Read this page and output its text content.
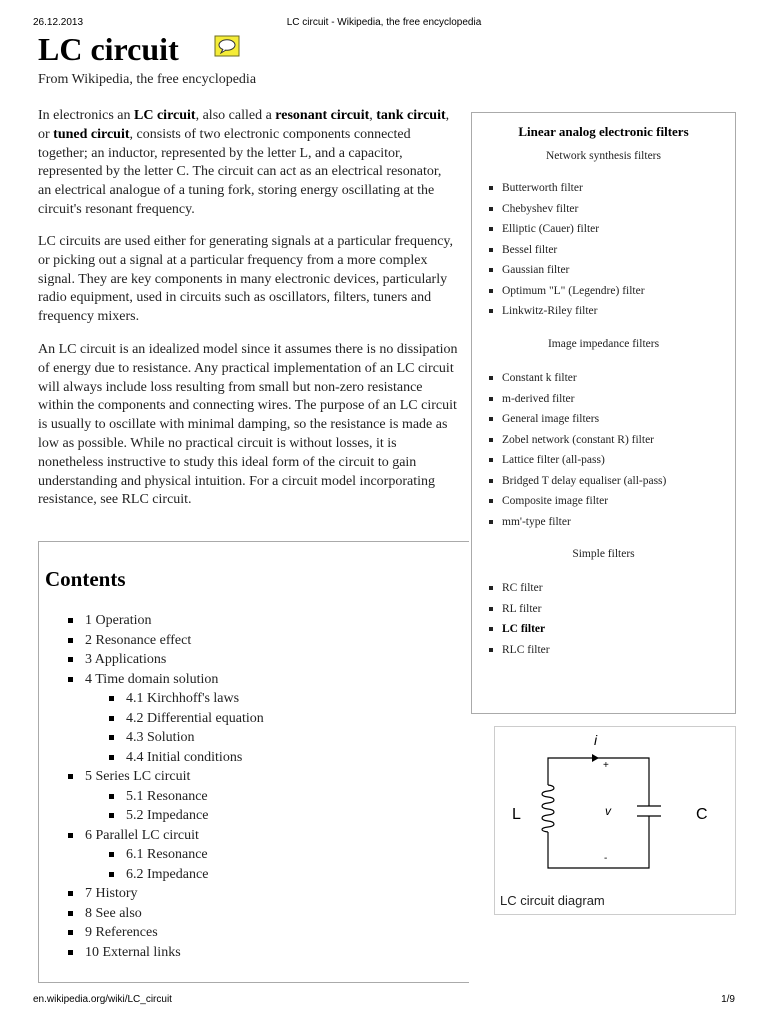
26.12.2013	LC circuit - Wikipedia, the free encyclopedia
LC circuit
From Wikipedia, the free encyclopedia

In electronics an LC circuit, also called a resonant circuit, tank circuit, or tuned circuit, consists of two electronic components connected together; an inductor, represented by the letter L, and a capacitor, represented by the letter C. The circuit can act as an electrical resonator, an electrical analogue of a tuning fork, storing energy oscillating at the circuit's resonant frequency.

LC circuits are used either for generating signals at a particular frequency, or picking out a signal at a particular frequency from a more complex signal. They are key components in many electronic devices, particularly radio equipment, used in circuits such as oscillators, filters, tuners and frequency mixers.

An LC circuit is an idealized model since it assumes there is no dissipation of energy due to resistance. Any practical implementation of an LC circuit will always include loss resulting from small but non-zero resistance within the components and connecting wires. The purpose of an LC circuit is usually to oscillate with minimal damping, so the resistance is made as low as possible. While no practical circuit is without losses, it is nonetheless instructive to study this ideal form of the circuit to gain understanding and physical intuition. For a circuit model incorporating resistance, see RLC circuit.

Linear analog electronic filters
Network synthesis filters
Butterworth filter
Chebyshev filter
Elliptic (Cauer) filter
Bessel filter
Gaussian filter
Optimum "L" (Legendre) filter
Linkwitz-Riley filter
Image impedance filters
Constant k filter
m-derived filter
General image filters
Zobel network (constant R) filter
Lattice filter (all-pass)
Bridged T delay equaliser (all-pass)
Composite image filter
mm'-type filter
Simple filters
RC filter
RL filter
LC filter
RLC filter
Contents
1 Operation
2 Resonance effect
3 Applications
4 Time domain solution
4.1 Kirchhoff's laws
4.2 Differential equation
4.3 Solution
4.4 Initial conditions
5 Series LC circuit
5.1 Resonance
5.2 Impedance
6 Parallel LC circuit
6.1 Resonance
6.2 Impedance
7 History
8 See also
9 References
10 External links
i
+
v
-
L	C
LC circuit diagram
en.wikipedia.org/wiki/LC_circuit	1/9
